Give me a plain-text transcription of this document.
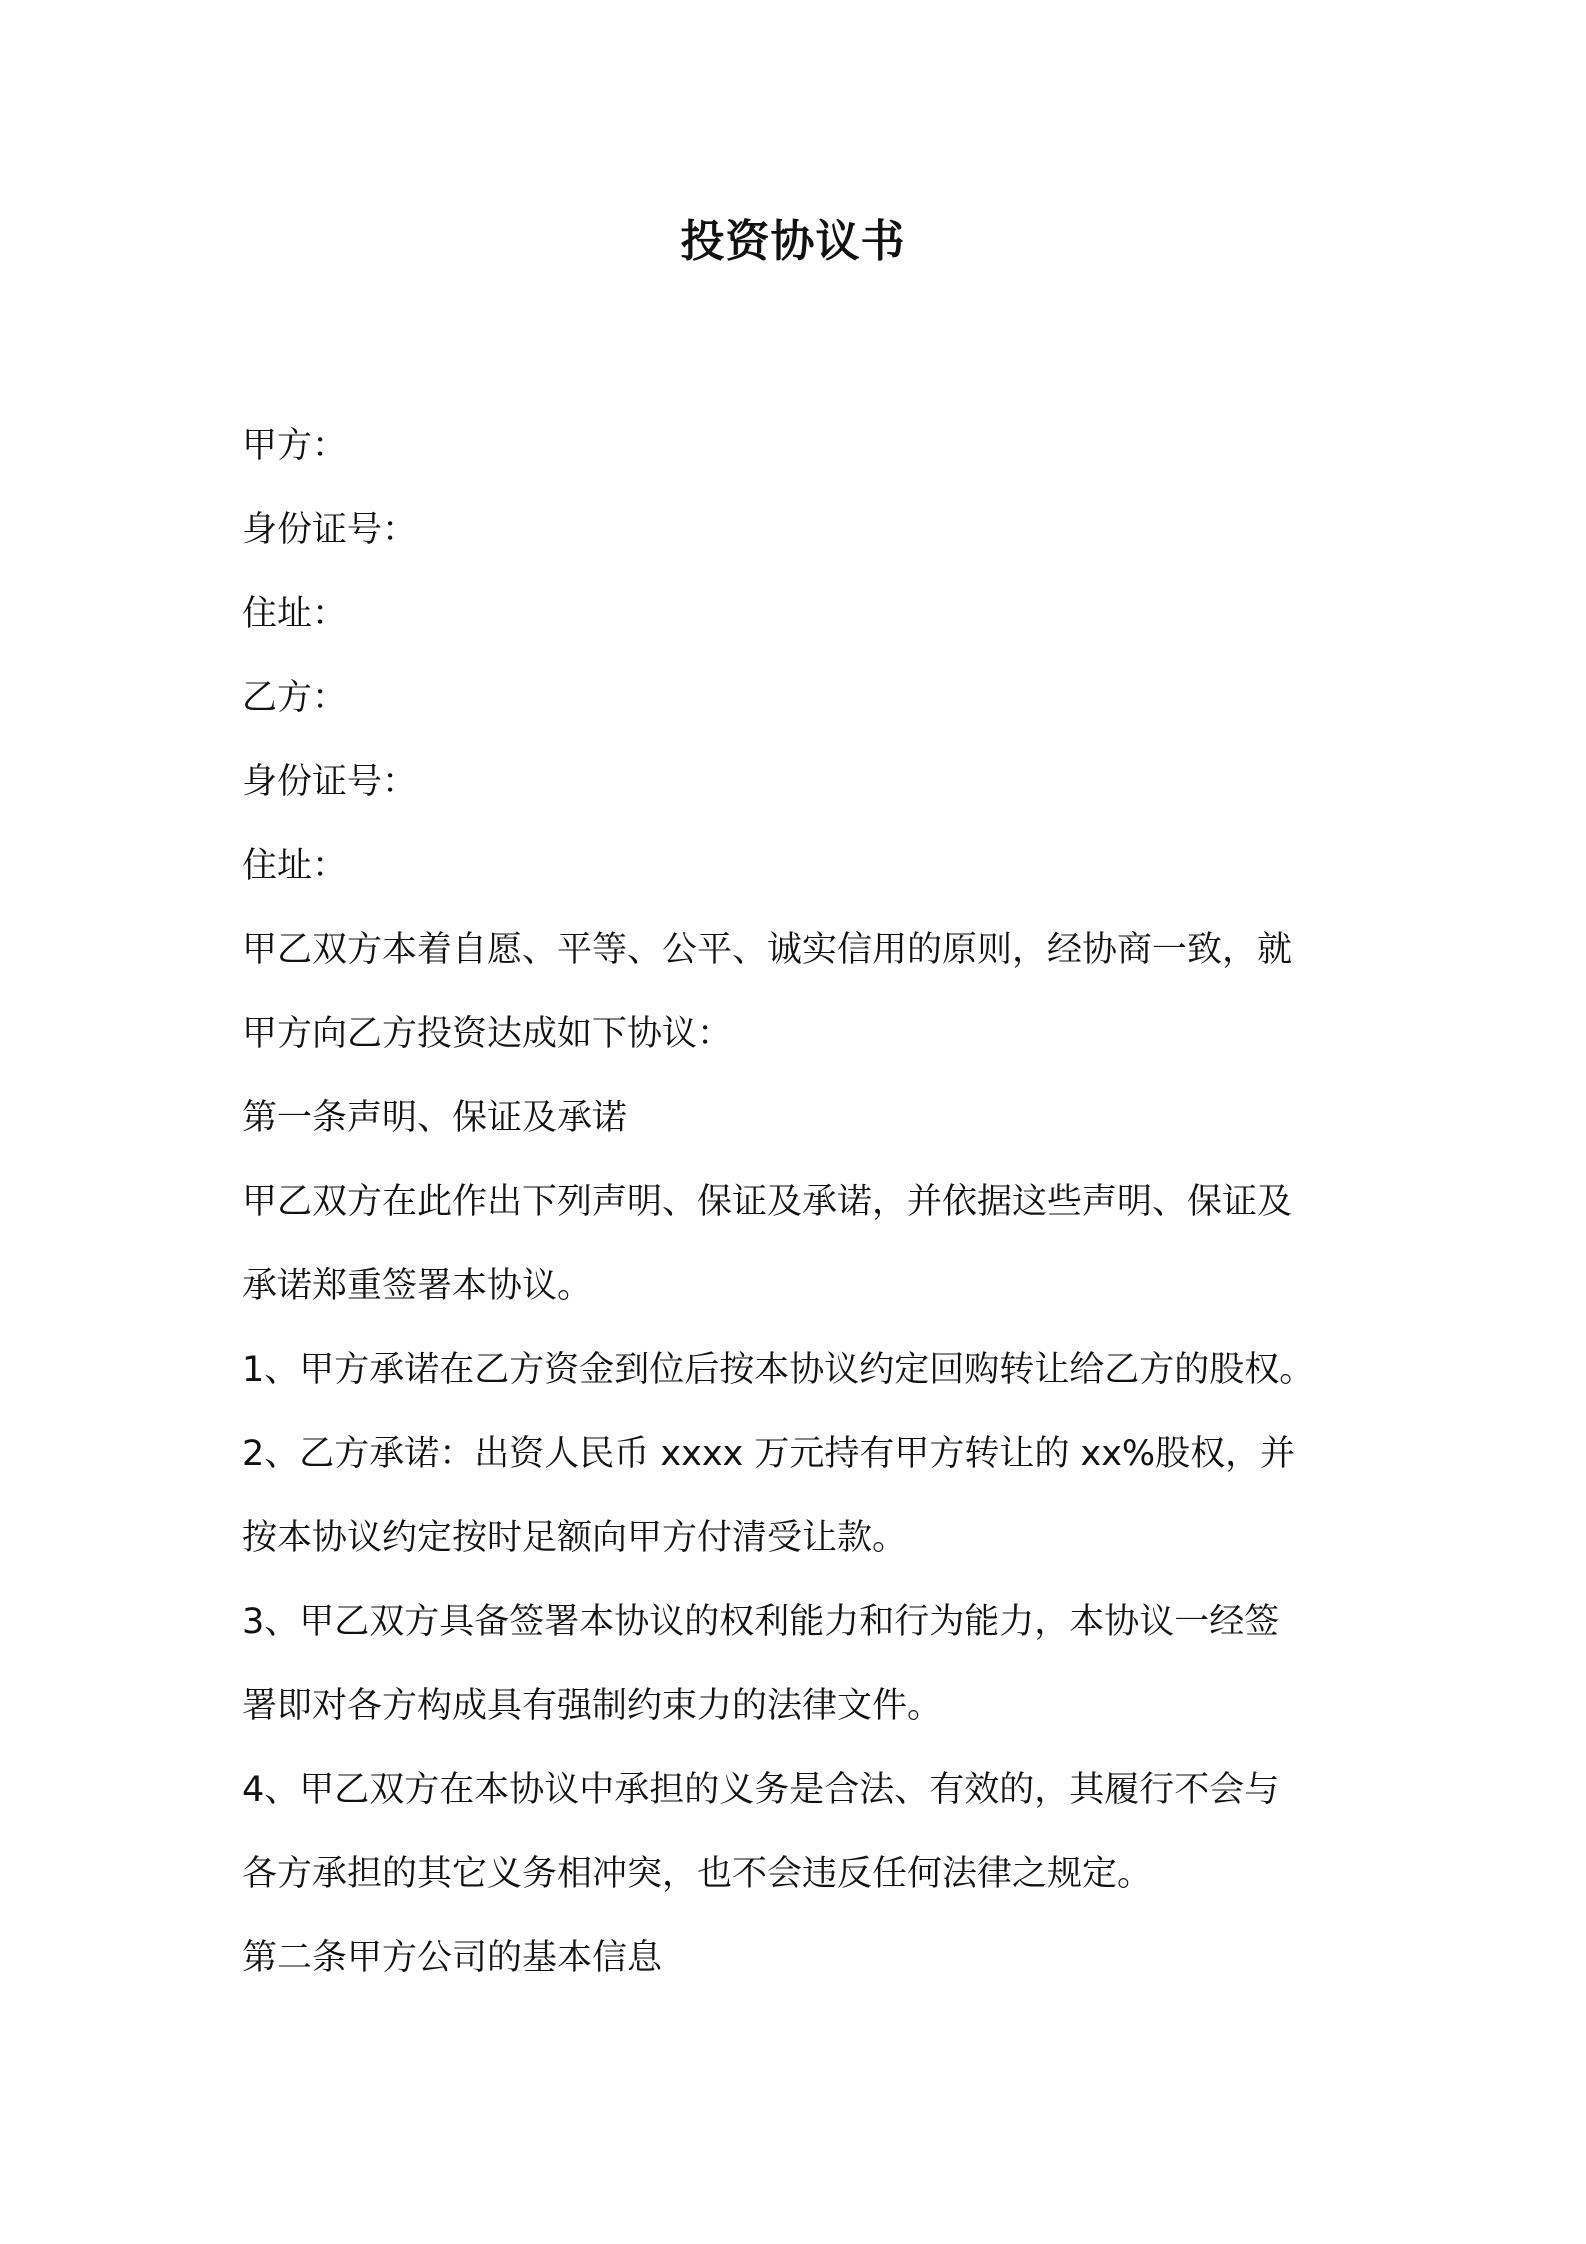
投资协议书
甲方：
身份证号：
住址：
乙方：
身份证号：
住址：
甲乙双方本着自愿、平等、公平、诚实信用的原则，经协商一致，就
甲方向乙方投资达成如下协议：
第一条声明、保证及承诺
甲乙双方在此作出下列声明、保证及承诺，并依据这些声明、保证及
承诺郑重签署本协议。
1、甲方承诺在乙方资金到位后按本协议约定回购转让给乙方的股权。
2、乙方承诺：出资人民币 xxxx 万元持有甲方转让的 xx%股权，并
按本协议约定按时足额向甲方付清受让款。
3、甲乙双方具备签署本协议的权利能力和行为能力，本协议一经签
署即对各方构成具有强制约束力的法律文件。
4、甲乙双方在本协议中承担的义务是合法、有效的，其履行不会与
各方承担的其它义务相冲突，也不会违反任何法律之规定。
第二条甲方公司的基本信息
